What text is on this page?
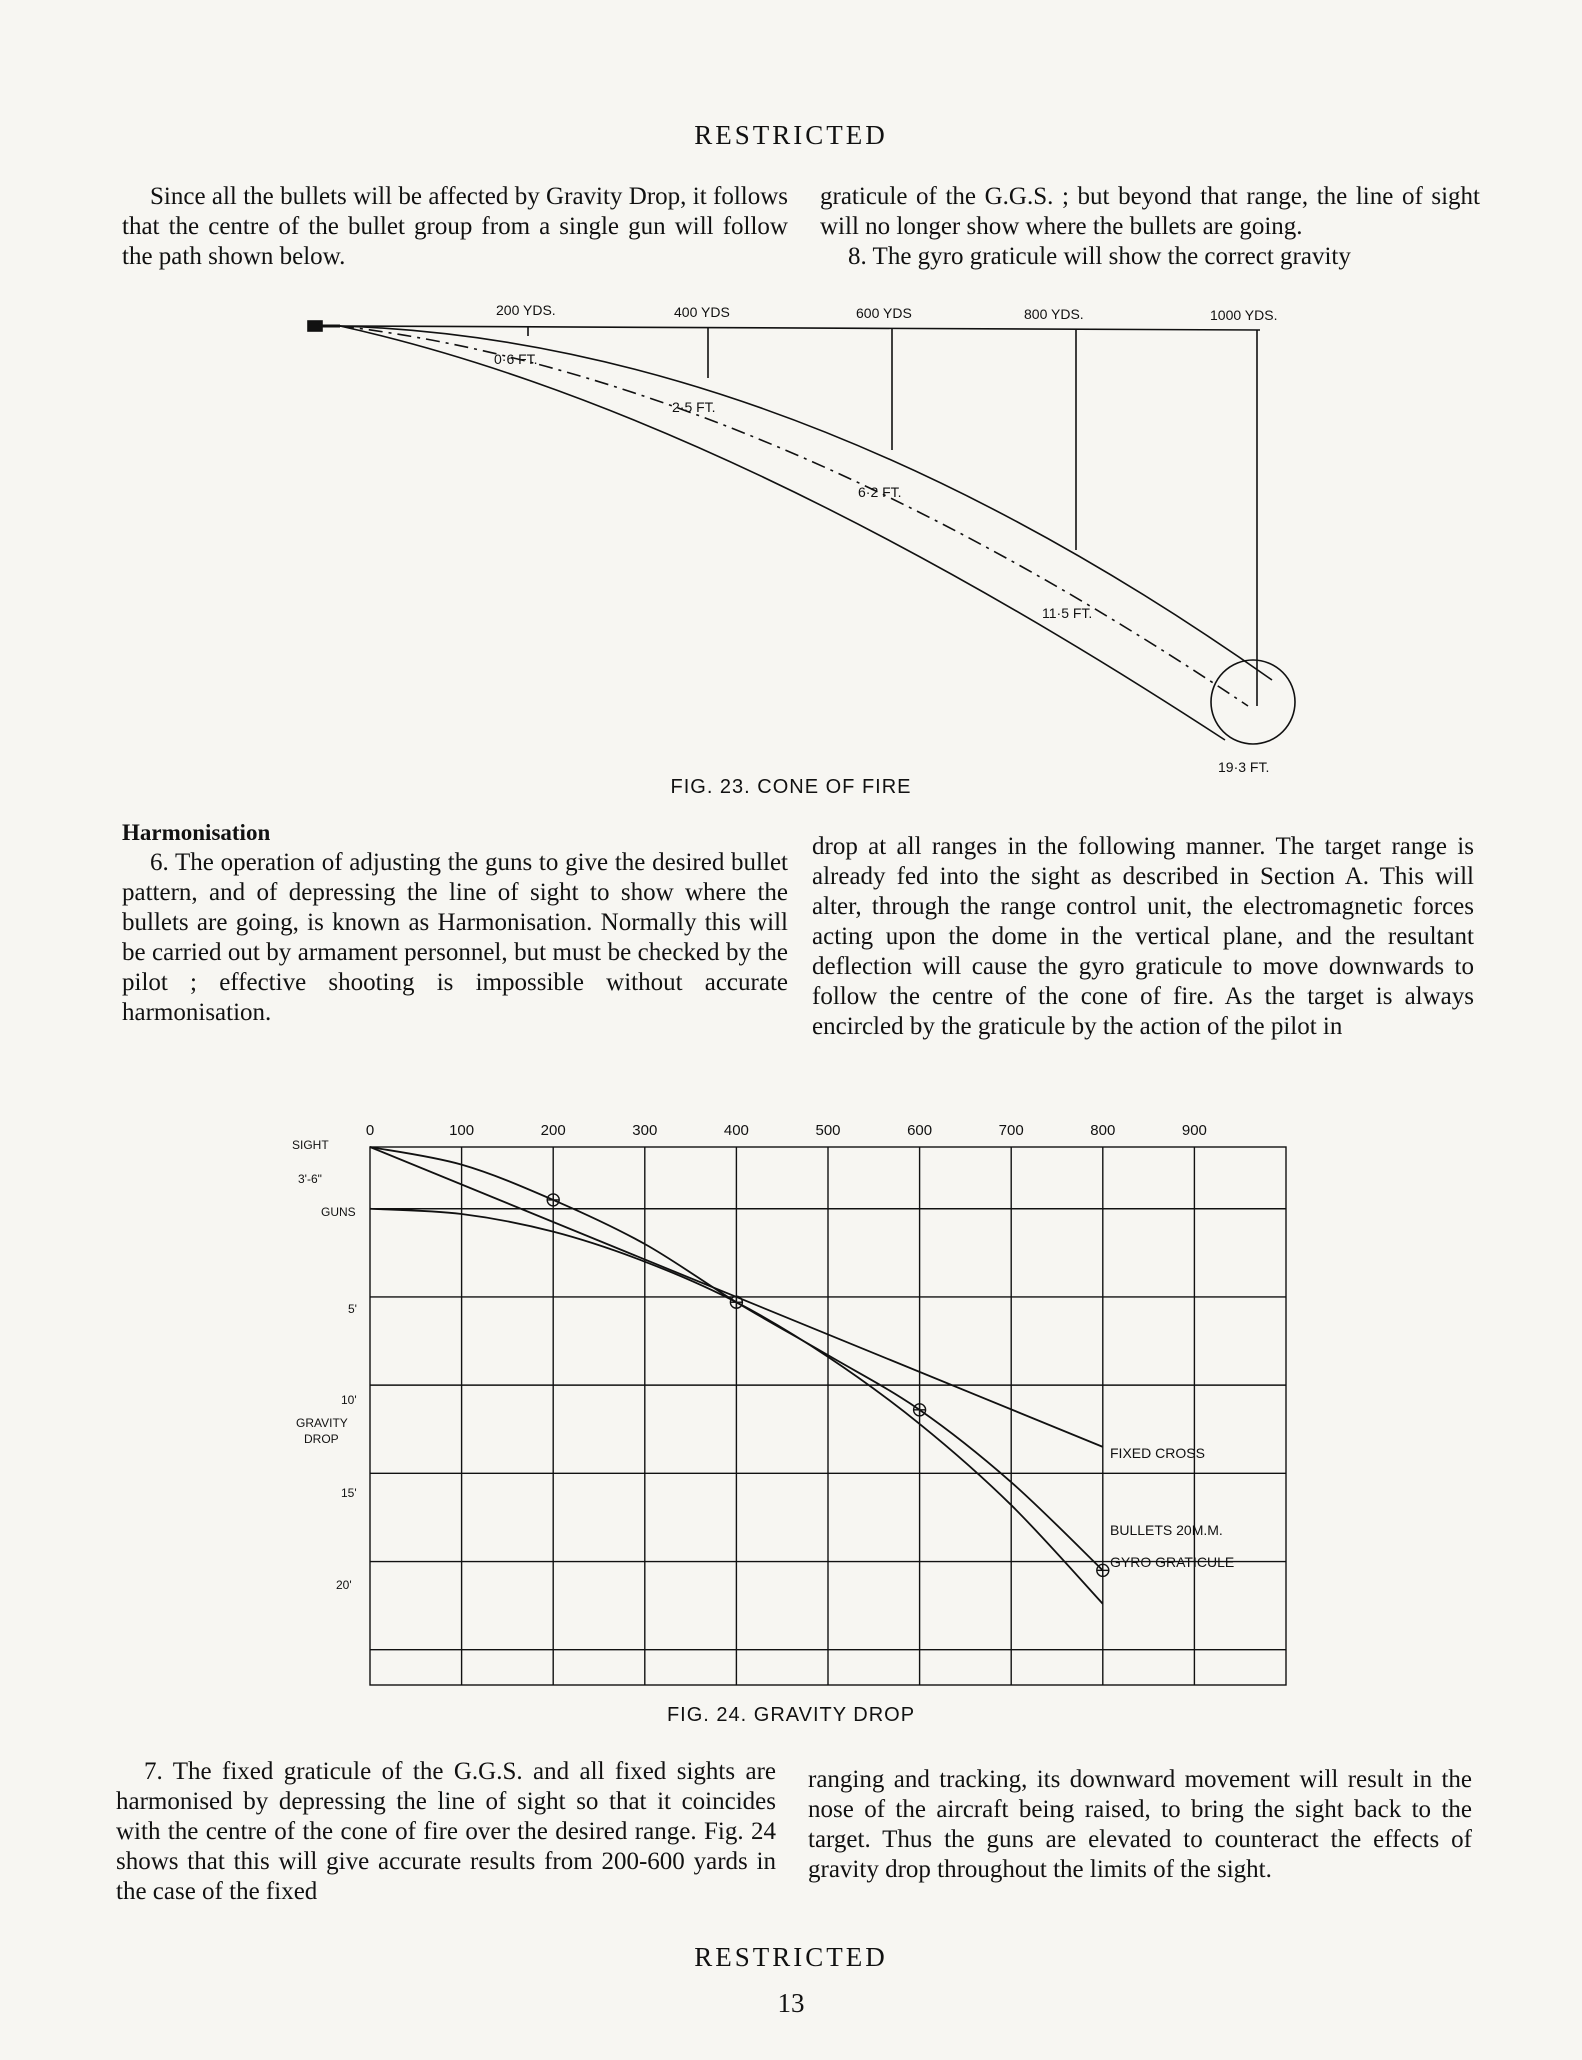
RESTRICTED

Since all the bullets will be affected by Gravity Drop, it follows that the centre of the bullet group from a single gun will follow the path shown below.

graticule of the G.G.S. ; but beyond that range, the line of sight will no longer show where the bullets are going.

8. The gyro graticule will show the correct gravity

200 YDS.	400 YDS	600 YDS	800 YDS.	1000 YDS.
0·6 FT.
2·5 FT.
6·2 FT.
11·5 FT.
19·3 FT.
FIG. 23. CONE OF FIRE
Harmonisation

6. The operation of adjusting the guns to give the desired bullet pattern, and of depressing the line of sight to show where the bullets are going, is known as Harmonisation. Normally this will be carried out by armament personnel, but must be checked by the pilot ; effective shooting is impossible without accurate harmonisation.

drop at all ranges in the following manner. The target range is already fed into the sight as described in Section A. This will alter, through the range control unit, the electromagnetic forces acting upon the dome in the vertical plane, and the resultant deflection will cause the gyro graticule to move downwards to follow the centre of the cone of fire. As the target is always encircled by the graticule by the action of the pilot in

0	100	200	300	400	500	600	700	800	900
SIGHT
3'-6"
GUNS
5'
10'
GRAVITY
DROP
15'
20'
FIXED CROSS
BULLETS 20M.M.
GYRO GRATICULE
FIG. 24. GRAVITY DROP

7. The fixed graticule of the G.G.S. and all fixed sights are harmonised by depressing the line of sight so that it coincides with the centre of the cone of fire over the desired range. Fig. 24 shows that this will give accurate results from 200-600 yards in the case of the fixed

ranging and tracking, its downward movement will result in the nose of the aircraft being raised, to bring the sight back to the target. Thus the guns are elevated to counteract the effects of gravity drop throughout the limits of the sight.

RESTRICTED
13
